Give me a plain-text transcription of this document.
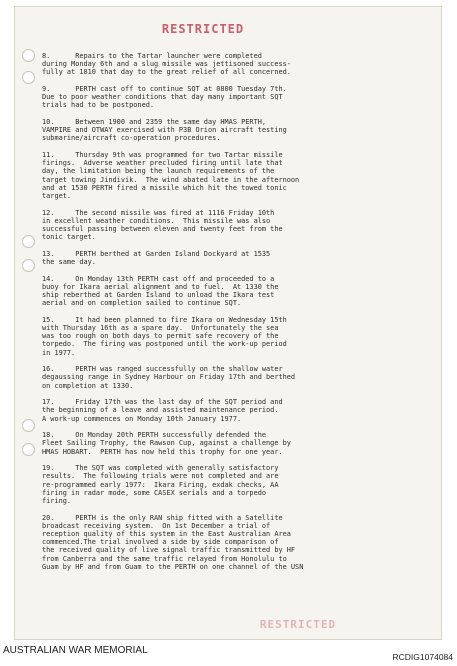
RESTRICTED

8.      Repairs to the Tartar launcher were completed
during Monday 6th and a slug missile was jettisoned success-
fully at 1810 that day to the great relief of all concerned.

9.      PERTH cast off to continue SQT at 0800 Tuesday 7th.
Due to poor weather conditions that day many important SQT
trials had to be postponed.

10.     Between 1900 and 2359 the same day HMAS PERTH,
VAMPIRE and OTWAY exercised with P3B Orion aircraft testing
submarine/aircraft co-operation procedures.

11.     Thursday 9th was programmed for two Tartar missile
firings.  Adverse weather precluded firing until late that
day, the limitation being the launch requirements of the
target towing Jindivik.  The wind abated late in the afternoon
and at 1530 PERTH fired a missile which hit the towed tonic
target.

12.     The second missile was fired at 1116 Friday 10th
in excellent weather conditions.  This missile was also
successful passing between eleven and twenty feet from the
tonic target.

13.     PERTH berthed at Garden Island Dockyard at 1535
the same day.

14.     On Monday 13th PERTH cast off and proceeded to a
buoy for Ikara aerial alignment and to fuel.  At 1330 the
ship reberthed at Garden Island to unload the Ikara test
aerial and on completion sailed to continue SQT.

15.     It had been planned to fire Ikara on Wednesday 15th
with Thursday 16th as a spare day.  Unfortunately the sea
was too rough on both days to permit safe recovery of the
torpedo.  The firing was postponed until the work-up period
in 1977.

16.     PERTH was ranged successfully on the shallow water
degaussing range in Sydney Harbour on Friday 17th and berthed
on completion at 1330.

17.     Friday 17th was the last day of the SQT period and
the beginning of a leave and assisted maintenance period.
A work-up commences on Monday 10th January 1977.

18.     On Monday 20th PERTH successfully defended the
Fleet Sailing Trophy, the Rawson Cup, against a challenge by
HMAS HOBART.  PERTH has now held this trophy for one year.

19.     The SQT was completed with generally satisfactory
results.  The following trials were not completed and are
re-programmed early 1977:  Ikara Firing, exdak checks, AA
firing in radar mode, some CASEX serials and a torpedo
firing.

20.     PERTH is the only RAN ship fitted with a Satellite
broadcast receiving system.  On 1st December a trial of
reception quality of this system in the East Australian Area
commenced.The trial involved a side by side comparison of
the received quality of live signal traffic transmitted by HF
from Canberra and the same traffic relayed from Honolulu to
Guam by HF and from Guam to the PERTH on one channel of the USN

RESTRICTED
AUSTRALIAN WAR MEMORIAL
RCDIG1074084
